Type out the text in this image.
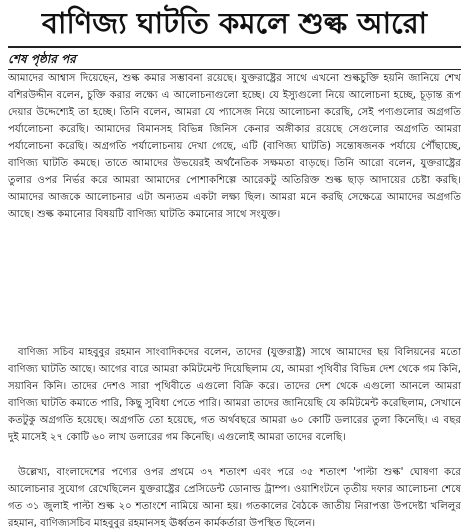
বাণিজ্য ঘাটতি কমলে শুল্ক আরো
শেষ পৃষ্ঠার পর

আমাদের আশ্বাস দিয়েছেন, শুল্ক কমার সম্ভাবনা রয়েছে। যুক্তরাষ্ট্রের সাথে এখনো শুল্কচুক্তি হয়নি জানিয়ে শেখ বশিরউদ্দীন বলেন, চুক্তি করার লক্ষ্যে এ আলোচনাগুলো হচ্ছে। যে ইস্যুগুলো নিয়ে আলোচনা হচ্ছে, চূড়ান্ত রূপ দেয়ার উদ্দেশ্যেই তা হচ্ছে। তিনি বলেন, আমরা যে প্যাসেজ নিয়ে আলোচনা করেছি, সেই পণ্যগুলোর অগ্রগতি পর্যালোচনা করেছি। আমাদের বিমানসহ বিভিন্ন জিনিস কেনার অঙ্গীকার রয়েছে সেগুলোর অগ্রগতি আমরা পর্যালোচনা করেছি। অগ্রগতি পর্যালোচনায় দেখা গেছে, এটি (বাণিজ্য ঘাটতি) সন্তোষজনক পর্যায়ে পৌঁছাচ্ছে, বাণিজ্য ঘাটতি কমছে। তাতে আমাদের উভয়েরই অর্থনৈতিক সক্ষমতা বাড়ছে। তিনি আরো বলেন, যুক্তরাষ্ট্রের তুলার ওপর নির্ভর করে আমরা আমাদের পোশাকশিল্পে আরেকটু অতিরিক্ত শুল্ক ছাড় আদায়ের চেষ্টা করছি। আমাদের আজকে আলোচনার এটা অন্যতম একটা লক্ষ্য ছিল। আমরা মনে করছি সেক্ষেত্রে আমাদের অগ্রগতি আছে। শুল্ক কমানোর বিষয়টি বাণিজ্য ঘাটতি কমানোর সাথে সংযুক্ত।

বাণিজ্য সচিব মাহবুবুর রহমান সাংবাদিকদের বলেন, তাদের (যুক্তরাষ্ট্র) সাথে আমাদের ছয় বিলিয়নের মতো বাণিজ্য ঘাটতি আছে। আগের বারে আমরা কমিটমেন্ট দিয়েছিলাম যে, আমরা পৃথিবীর বিভিন্ন দেশ থেকে গম কিনি, সয়াবিন কিনি। তাদের দেশও সারা পৃথিবীতে এগুলো বিক্রি করে। তাদের দেশ থেকে এগুলো আনলে আমরা বাণিজ্য ঘাটতি কমাতে পারি, কিছু সুবিধা পেতে পারি। আমরা তাদের জানিয়েছি যে কমিটমেন্ট করেছিলাম, সেখানে কতটুকু অগ্রগতি হয়েছে। অগ্রগতি তো হয়েছে, গত অর্থবছরে আমরা ৬০ কোটি ডলারের তুলা কিনেছি। এ বছর দুই মাসেই ২৭ কোটি ৬০ লাখ ডলারের গম কিনেছি। এগুলোই আমরা তাদের বলেছি।

উল্লেখ্য, বাংলাদেশের পণ্যের ওপর প্রথমে ৩৭ শতাংশ এবং পরে ৩৫ শতাংশ 'পাল্টা শুল্ক' ঘোষণা করে আলোচনার সুযোগ রেখেছিলেন যুক্তরাষ্ট্রের প্রেসিডেন্ট ডোনাল্ড ট্রাম্প। ওয়াশিংটনে তৃতীয় দফার আলোচনা শেষে গত ৩১ জুলাই পাল্টা শুল্ক ২০ শতাংশে নামিয়ে আনা হয়। গতকালের বৈঠকে জাতীয় নিরাপত্তা উপদেষ্টা খলিলুর রহমান, বাণিজ্যসচিব মাহবুবুর রহমানসহ ঊর্ধ্বতন কার্মকর্তারা উপস্থিত ছিলেন।
